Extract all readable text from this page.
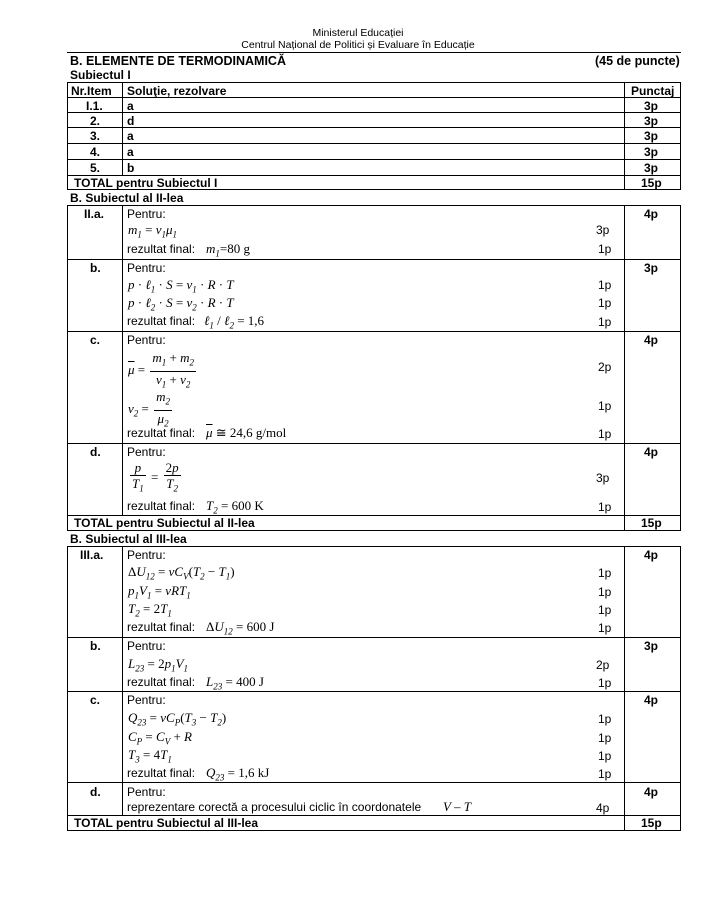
Ministerul Educației
Centrul Național de Politici și Evaluare în Educație
B. ELEMENTE DE TERMODINAMICĂ	(45 de puncte)
Subiectul I
Nr.Item Soluţie, rezolvare	Punctaj
I.1. a	3p
2. d	3p
3. a	3p
4. a	3p
5. b	3p
TOTAL pentru Subiectul I	15p
B. Subiectul al II-lea
II.a. Pentru:	4p
$m_1 = \nu_1\mu_1$	3p
rezultat final: $m_1=80$ g	1p
b. Pentru:	3p
p · ℓ$_1$ · $S = \nu_1 \cdot R \cdot T$	1p
p · ℓ$_2$ · $S = \nu_2 \cdot R \cdot T$	1p
rezultat final: ℓ$_1$ / ℓ$_2$ = 1,6	1p
c. Pentru:	4p
$\overline{\mu} = \frac{m_1 + m_2}{\nu_1 + \nu_2}$	2p
$\nu_2 = \frac{m_2}{\mu_2}$	1p
rezultat final: $\overline{\mu}$ ≅ 24,6 g/mol	1p
d. Pentru:	4p
$\frac{p}{T_1} = \frac{2p}{T_2}$	3p
rezultat final: $T_2 = 600$ K	1p
TOTAL pentru Subiectul al II-lea	15p
B. Subiectul al III-lea
III.a. Pentru:	4p
$\Delta U_{12} = \nu C_V(T_2 - T_1)$	1p
$p_1V_1 = \nu RT_1$	1p
$T_2 = 2T_1$	1p
rezultat final: $\Delta U_{12} = 600$ J	1p
b. Pentru:	3p
$L_{23} = 2p_1V_1$	2p
rezultat final: $L_{23} = 400$ J	1p
c. Pentru:	4p
$Q_{23} = \nu C_P(T_3 - T_2)$	1p
$C_P = C_V + R$	1p
$T_3 = 4T_1$	1p
rezultat final: $Q_{23} = 1,6$ kJ	1p
d. Pentru:	4p
reprezentare corectă a procesului ciclic în coordonatele V – T	4p
TOTAL pentru Subiectul al III-lea	15p
